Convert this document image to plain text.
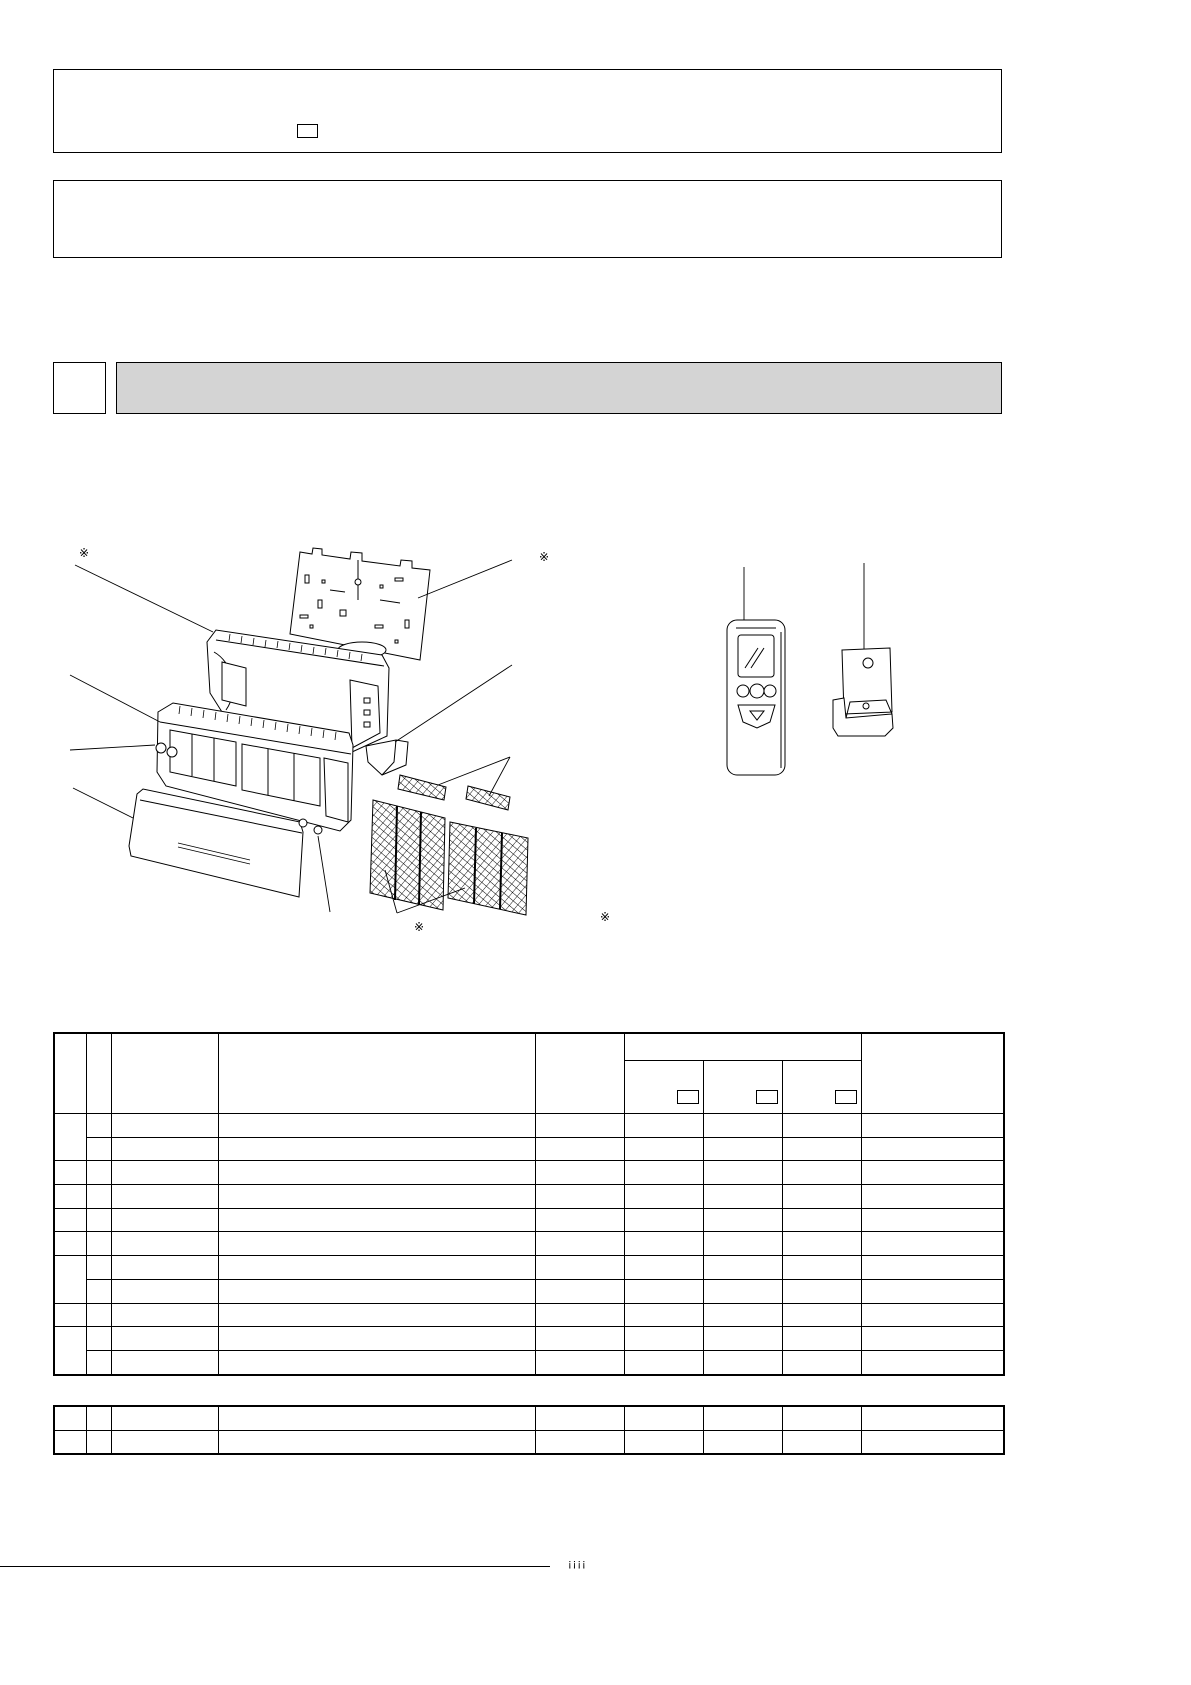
※	※
※
※

¡¡¡¡
